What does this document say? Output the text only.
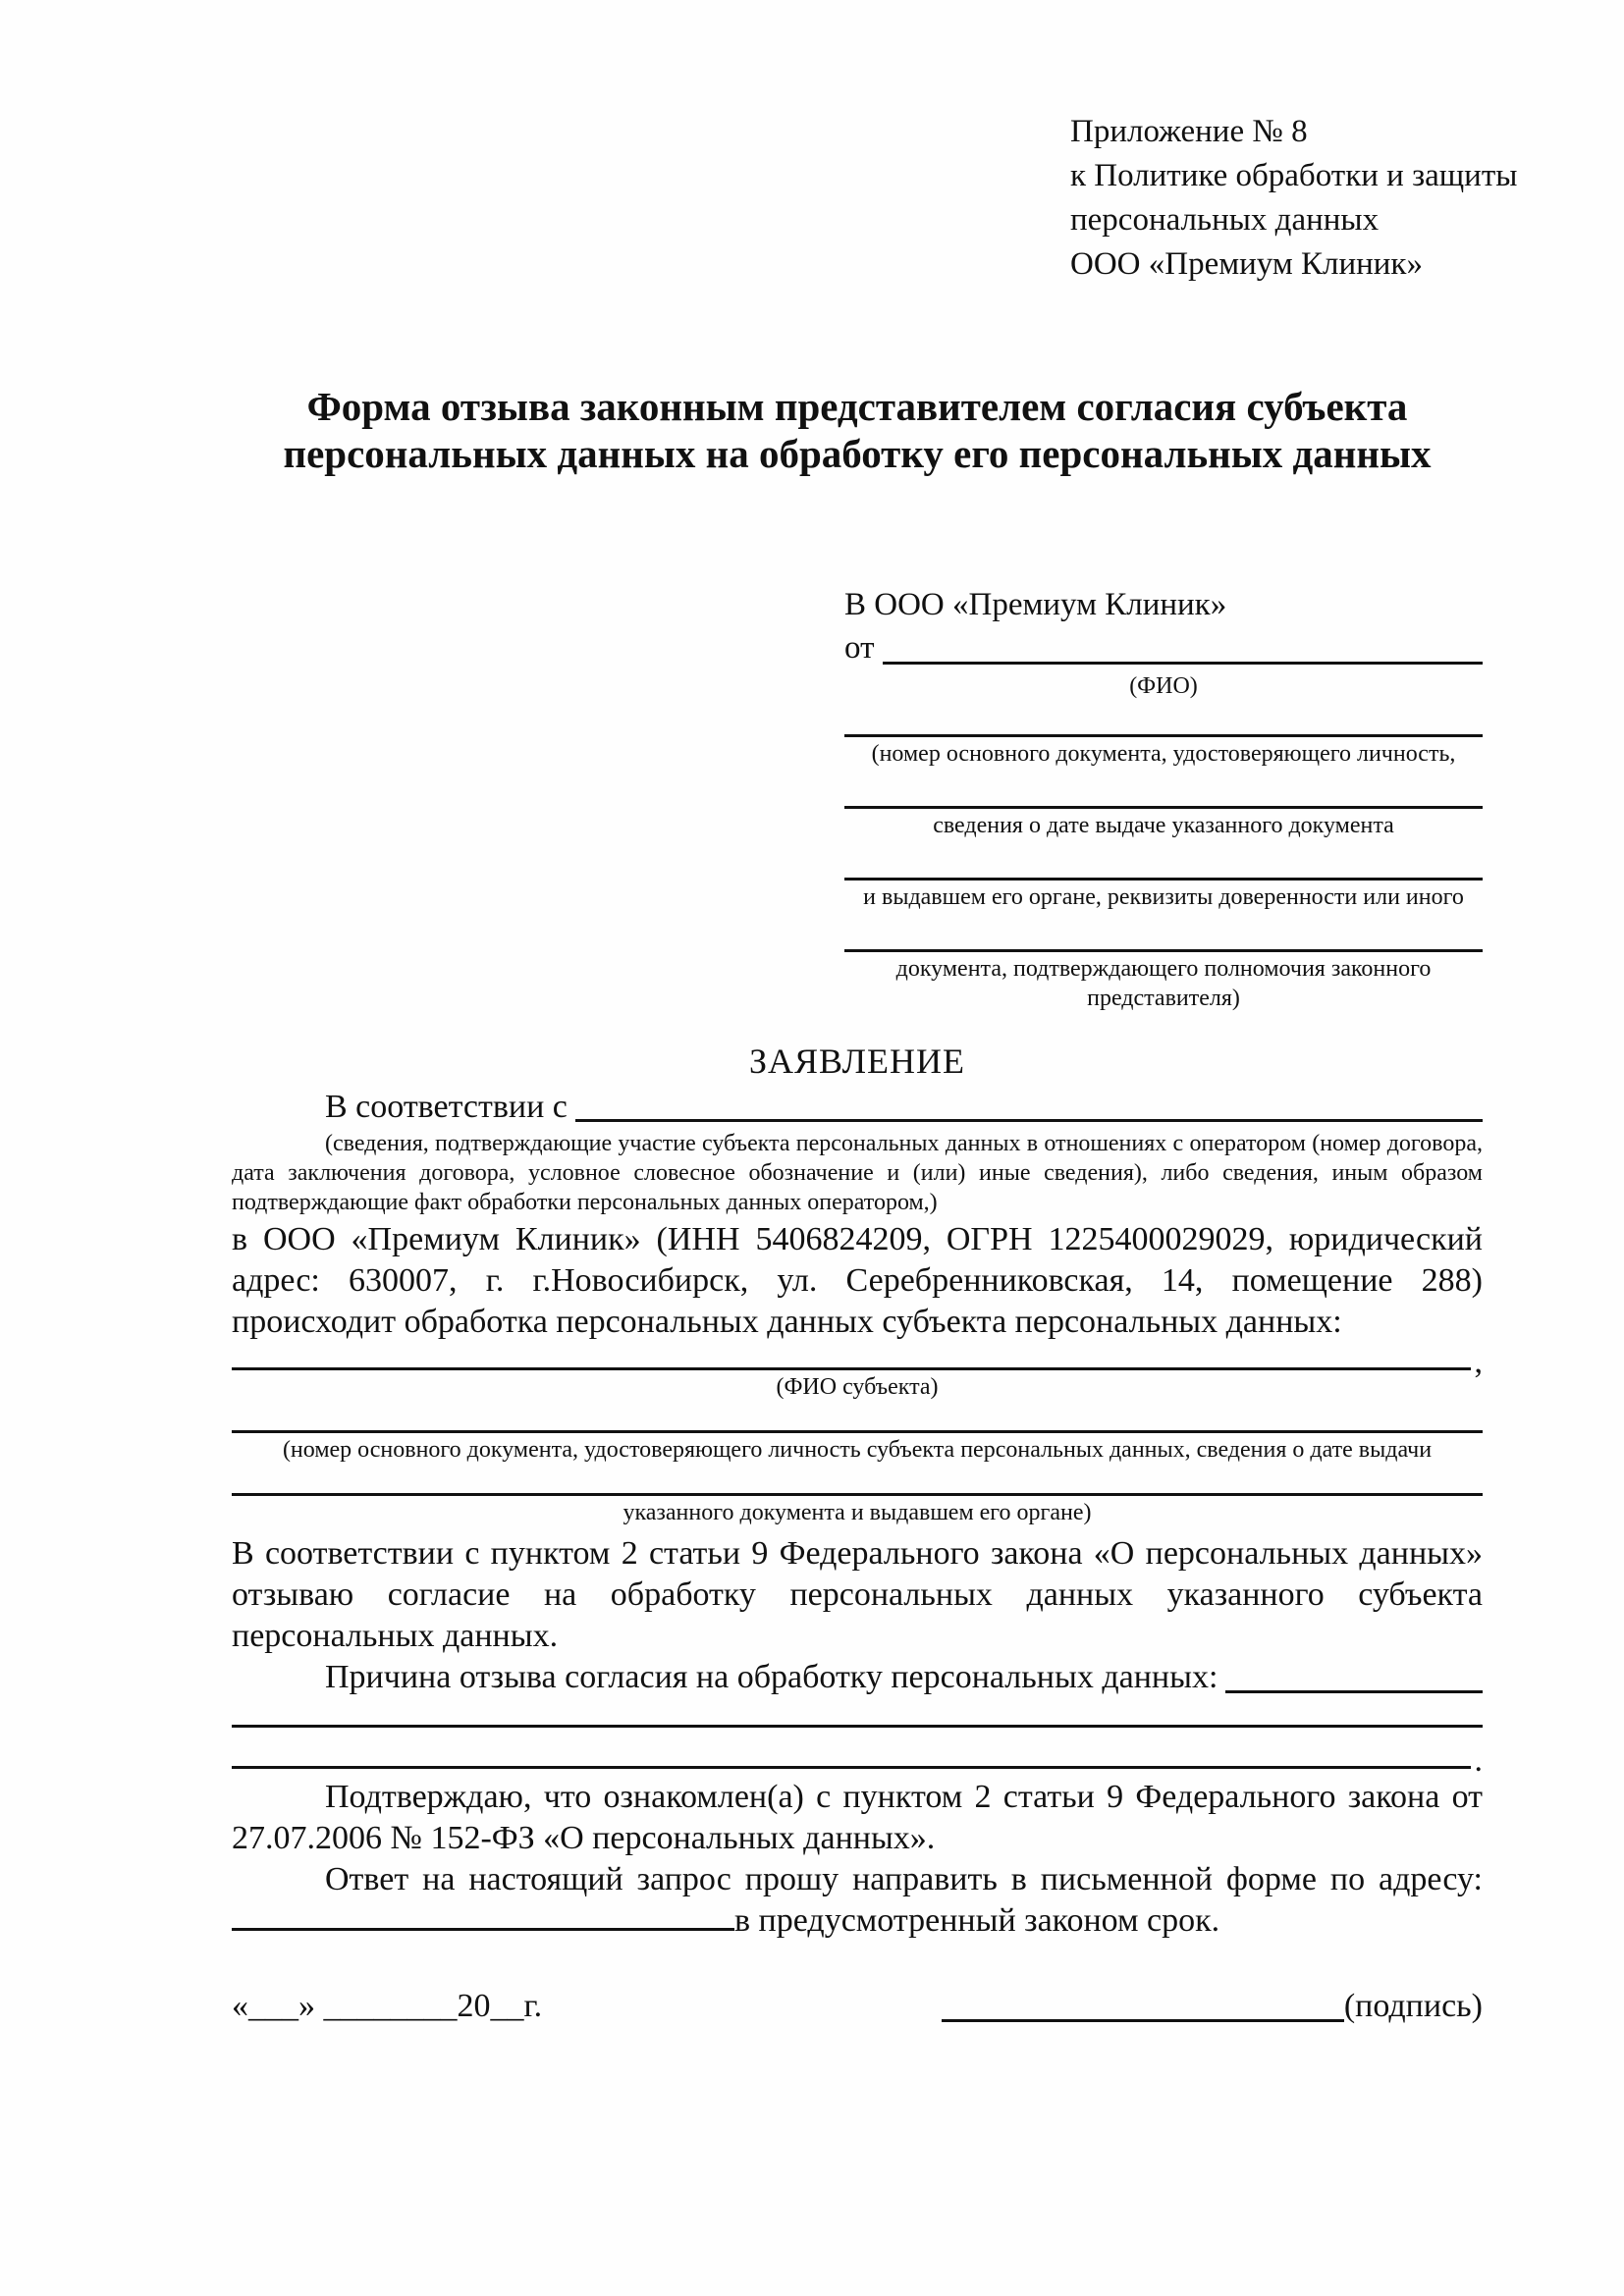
Приложение № 8
к Политике обработки и защиты
персональных данных
ООО «Премиум Клиник»
Форма отзыва законным представителем согласия субъекта персональных данных на обработку его персональных данных
В ООО «Премиум Клиник»
от
(ФИО)
(номер основного документа, удостоверяющего личность,
сведения о дате выдаче указанного документа
и выдавшем его органе, реквизиты доверенности или иного
документа, подтверждающего полномочия законного представителя)
ЗАЯВЛЕНИЕ
В соответствии с
(сведения, подтверждающие участие субъекта персональных данных в отношениях с оператором (номер договора, дата заключения договора, условное словесное обозначение и (или) иные сведения), либо сведения, иным образом подтверждающие факт обработки персональных данных оператором,)
в ООО «Премиум Клиник» (ИНН 5406824209, ОГРН 1225400029029, юридический адрес: 630007, г. г.Новосибирск, ул. Серебренниковская, 14, помещение 288) происходит обработка персональных данных субъекта персональных данных:
,
(ФИО субъекта)
(номер основного документа, удостоверяющего личность субъекта персональных данных, сведения о дате выдачи
указанного документа и выдавшем его органе)
В соответствии с пунктом 2 статьи 9 Федерального закона «О персональных данных» отзываю согласие на обработку персональных данных указанного субъекта персональных данных.
Причина отзыва согласия на обработку персональных данных:
.
Подтверждаю, что ознакомлен(а) с пунктом 2 статьи 9 Федерального закона от 27.07.2006 № 152-ФЗ «О персональных данных».
Ответ на настоящий запрос прошу направить в письменной форме по адресу: в предусмотренный законом срок.
«___» ________20__г.	(подпись)
